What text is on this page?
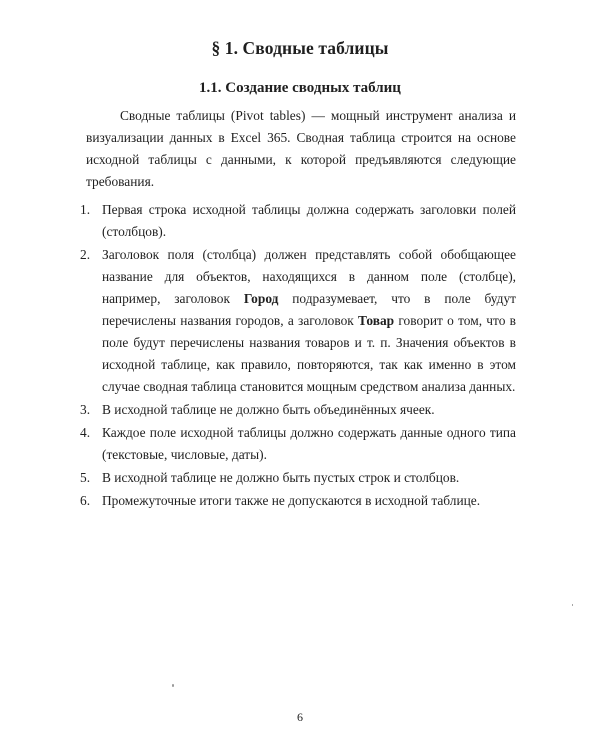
§ 1. Сводные таблицы
1.1. Создание сводных таблиц
Сводные таблицы (Pivot tables) — мощный инструмент анализа и визуализации данных в Excel 365. Сводная таблица строится на основе исходной таблицы с данными, к которой предъявляются следующие требования.
1. Первая строка исходной таблицы должна содержать заголовки полей (столбцов).
2. Заголовок поля (столбца) должен представлять собой обобщающее название для объектов, находящихся в данном поле (столбце), например, заголовок Город подразумевает, что в поле будут перечислены названия городов, а заголовок Товар говорит о том, что в поле будут перечислены названия товаров и т. п. Значения объектов в исходной таблице, как правило, повторяются, так как именно в этом случае сводная таблица становится мощным средством анализа данных.
3. В исходной таблице не должно быть объединённых ячеек.
4. Каждое поле исходной таблицы должно содержать данные одного типа (текстовые, числовые, даты).
5. В исходной таблице не должно быть пустых строк и столбцов.
6. Промежуточные итоги также не допускаются в исходной таблице.
6
